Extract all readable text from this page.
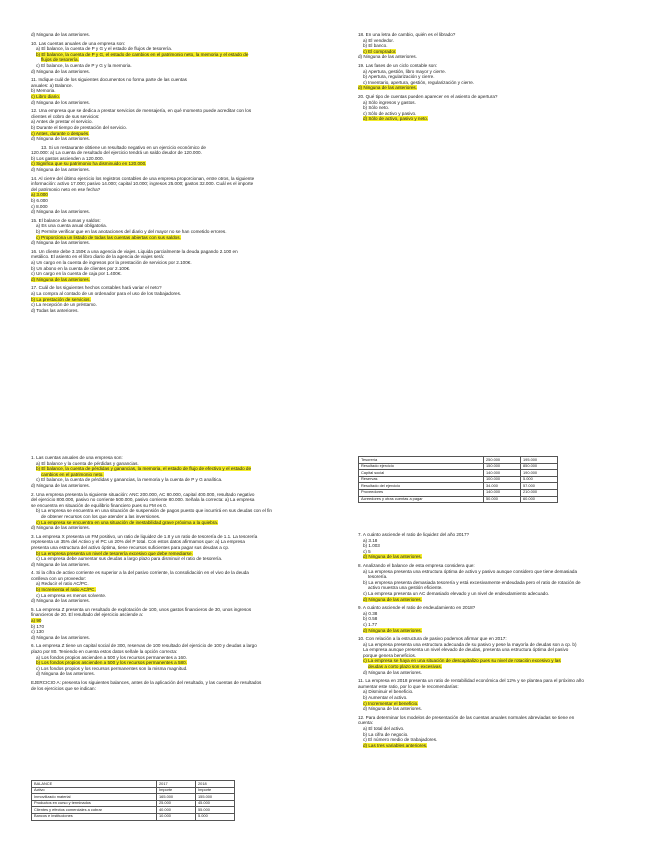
d) Ninguna de las anteriores.
10. Las cuentas anuales de una empresa son:
a) El balance, la cuenta de P y G y el estado de flujos de tesorería.
b) El balance, la cuenta de P y G, el estado de cambios en el patrimonio neto, la memoria y el estado de
flujos de tesorería.
c) El balance, la cuenta de P y G y la memoria.
d) Ninguna de las anteriores.
11. Indique cuál de los siguientes documentos no forma parte de las cuentas
anuales: a) Balance.
b) Memoria.
c) Libro diario.
d) Ninguna de los anteriores.
12. Una empresa que se dedica a prestar servicios de mensajería, en qué momento puede acreditar con los
clientes el cobro de sus servicios:
a) Antes de prestar el servicio.
b) Durante el tiempo de prestación del servicio.
c) Antes, durante o después.
d) Ninguna de las anteriores.
13. Si un restaurante obtiene un resultado negativo en un ejercicio económico de
120.000: a) La cuenta de resultado del ejercicio tendrá un saldo deudor de 120.000.
b) Los gastos ascienden a 120.000.
c) Significa que su patrimonio ha disminuido en 120.000.
d) Ninguna de las anteriores.
14. Al cierre del último ejercicio los registros contables de una empresa proporcionan, entre otros, la siguiente
información: activo 17.000; pasivo 14.000; capital 10.000; ingresos 25.000; gastos 32.000. Cuál es el importe
del patrimonio neto en ese fecha?
a) 3.000
b) 6.000
c) 8.000
d) Ninguna de las anteriores.
15. El balance de sumas y saldos:
a) Es una cuenta anual obligatoria.
b) Permite verificar que en las anotaciones del diario y del mayor no se han cometido errores.
c) Proporciona un listado de todas las cuentas abiertas con sus saldos.
d) Ninguna de las anteriores.
16. Un cliente debe 3.150€ a una agencia de viajes. Liquida parcialmente la deuda pagando 2.100 en
metálico. El asiento en el libro diario de la agencia de viajes será:
a) Un cargo en la cuenta de ingresos por la prestación de servicios por 2.100€.
b) Un abono en la cuenta de clientes por 2.100€.
c) Un cargo en la cuenta de caja por 1.400€.
d) Ninguna de las anteriores.
17. Cuál de los siguientes hechos contables hará variar el neto?
a) La compra al contado de un ordenador para el uso de los trabajadores.
b) La prestación de servicios.
c) La recepción de un préstamo.
d) Todas las anteriores.
18. En una letra de cambio, quién es el librado?
a) El vendedor.
b) El banco.
c) El comprador.
d) Ninguna de las anteriores.
19. Las fases de un ciclo contable son:
a) Apertura, gestión, libro mayor y cierre.
b) Apertura, regularización y cierre.
c) Inventario, apertura, gestión, regularización y cierre.
d) Ninguna de las anteriores.
20. Qué tipo de cuentas pueden aparecer en el asiento de apertura?
a) Sólo ingresos y gastos.
b) Sólo neto.
c) Sólo de activo y pasivo.
d) Sólo de activo, pasivo y neto.
1. Las cuentas anuales de una empresa son:
a) El balance y la cuenta de pérdidas y ganancias.
b) El balance, la cuenta de pérdidas y ganancias, la memoria, el estado de flujo de efectivo y el estado de
cambios en el patrimonio neto.
c) El balance, la cuenta de pérdidas y ganancias, la memoria y la cuenta de P y G analítica.
d) Ninguna de las anteriores.
2. Una empresa presenta la siguiente situación: ANC 200.000, AC 80.000, capital 400.000, resultado negativo
del ejercicio 800.000, pasivo no corriente 500.000, pasivo corriente 80.000. Señala la correcta: a) La empresa
se encuentra en situación de equilibrio financiero pues su FM es 0.
b) La empresa se encuentra en una situación de suspensión de pagos puesto que incurrirá en sus deudas con el fin
de obtener recursos con los que atender a las inversiones.
c) La empresa se encuentra en una situación de inestabilidad grave próxima a la quiebra.
d) Ninguna de las anteriores.
3. La empresa X presenta un FM positivo, un ratio de liquidez de 1.8 y un ratio de tesorería de 1.1. La tesorería
representa un 35% del Activo y el PC un 20% del P total. Con estos datos afirmamos que: a) La empresa
presenta una estructura del activo óptima, tiene recursos suficientes para pagar sus deudas a cp.
b) La empresa presenta un nivel de tesorería excesivo que debe remediarse.
c) La empresa debe aumentar sus deudas a largo plazo para disminuir el ratio de tesorería.
d) Ninguna de las anteriores.
4. Si la cifra de activo corriente es superior a la del pasivo corriente, la consolidación en el vivo de la deuda
conlleva con un proveedor:
a) Reducir el ratio AC/PC.
b) Incrementa el ratio AC/PC.
c) La empresa es menos solvente.
d) Ninguna de las anteriores.
5. La empresa Z presenta un resultado de explotación de 100, unos gastos financieros de 30, unos ingresos
financieros de 20. El resultado del ejercicio asciende a:
a) 90
b) 170
c) 130
d) Ninguna de las anteriores.
6. La empresa Z tiene un capital social de 300, reservas de 100 resultado del ejercicio de 100 y deudas a largo
plazo por 80. Teniendo en cuenta estos datos señale la opción correcta:
a) Los fondos propios ascienden a 500 y los recursos permanentes a 160.
b) Los fondos propios ascienden a 500 y los recursos permanentes a 580.
c) Los fondos propios y los recursos permanentes son la misma magnitud.
d) Ninguna de las anteriores.
EJERCICIO A: presenta los siguientes balances, antes de la aplicación del resultado, y las cuentas de resultados
de los ejercicios que se indican:
7. A cuánto asciende el ratio de liquidez del año 2017?
a) 3.18
b) 1.003
c) 5
d) Ninguna de las anteriores.
8. Analizando el balance de esta empresa considera que:
a) La empresa presenta una estructura óptima de activo y pasivo aunque considero que tiene demasiada
tesorería.
b) La empresa presenta demasiada tesorería y está excesivamente endeudada pero el ratio de rotación de
activo muestra una gestión eficiente.
c) La empresa presenta un AC demasiado elevado y un nivel de endeudamiento adecuado.
d) Ninguna de las anteriores.
9. A cuánto asciende el ratio de endeudamiento en 2018?
a) 0.38
b) 0.58
c) 1.77
d) Ninguna de las anteriores.
10. Con relación a la estructura de pasivo podemos afirmar que en 2017:
a) La empresa presenta una estructura adecuada de su pasivo y pese la mayoría de deudas son a cp. b)
La empresa aunque presenta un nivel elevado de deudas, presenta una estructura óptima del pasivo
porque genera beneficios.
c) La empresa se haya en una situación de descapitalizo pues su nivel de rotación excesivo y las
deudas a corto plazo son excesivas.
d) Ninguna de las anteriores.
11. La empresa en 2018 presenta un ratio de rentabilidad económica del 12% y se plantea para el próximo año
aumentar este ratio, por lo que le recomendarías:
a) Disminuir el beneficio.
b) Aumentar el activo.
c) Incrementar el beneficio.
d) Ninguna de las anteriores.
12. Para determinar los modelos de presentación de las cuentas anuales normales abreviadas se tiene en
cuenta:
a) El total del activo.
b) La cifra de negocio.
c) El número medio de trabajadores.
d) Las tres variables anteriores.
BALANCE	2017	2018
Activo	Importe	Importe
Inmovilizado material	165.000	155.000
Productos en curso y terminados	25.000	45.000
Clientes y efectos comerciales a cobrar	40.000	55.000
Bancos e instituciones	10.000	5.000
Tesorería	250.000	195.000
Resultado ejercicio	150.000	850.000
Capital social	140.000	190.000
Reservas	100.000	5.000
Resultado del ejercicio	34.000	57.000
Proveedores	140.000	210.000
Acreedores y otras cuentas a pagar	50.000	60.000
